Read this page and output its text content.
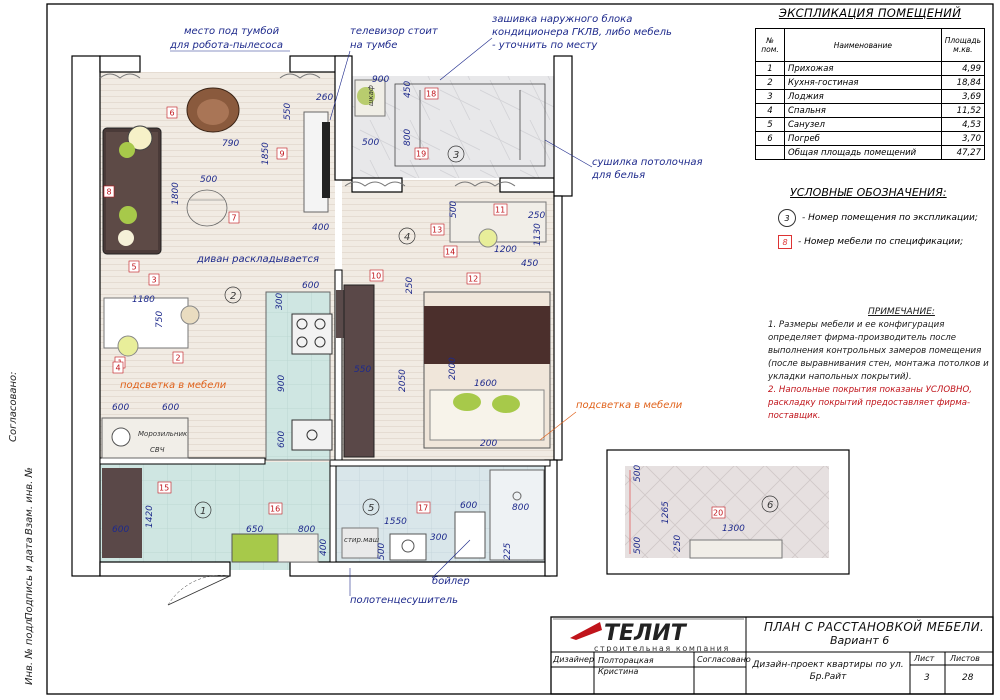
900
450
260
550
500	800
790 1850
1800
500
400
500	250
1130
1200
450
600
300
250
1180
750
550	2000
2050	1600
600	600
900
600	200
1420
600	650	800
400
1550
600	800
500
300
225
500
1265
1300
250
500
Морозильник
СВЧ
шкаф
стир.маш
1
2
3
4
5	6
2
3
4
5
6
7
8
9
10
11
12
13
14
15
16	17
18
19
20
место под тумбой
для робота-пылесоса
телевизор стоит
на тумбе
зашивка наружного блока
кондиционера ГКЛВ, либо мебель
- уточнить по месту
сушилка потолочная
для белья
диван раскладывается
бойлер
полотенцесушитель
подсветка в мебели
подсветка в мебели
ТЕЛИТ
строительная компания
Согласовано:
Инв. № подл.
Подпись и дата
Взам. инв. №
ЭКСПЛИКАЦИЯ ПОМЕЩЕНИЙ
№ пом.	Наименование	Площадь м.кв.
1	Прихожая	4,99
2	Кухня-гостиная	18,84
3	Лоджия	3,69
4	Спальня	11,52
5	Санузел	4,53
6	Погреб	3,70
	Общая площадь помещений	47,27
УСЛОВНЫЕ ОБОЗНАЧЕНИЯ:
3	- Номер помещения по экспликации;
8	- Номер мебели по спецификации;
ПРИМЕЧАНИЕ:
1. Размеры мебели и ее конфигурация определяет фирма-производитель после выполнения контрольных замеров помещения (после выравнивания стен, монтажа потолков и укладки напольных покрытий).
2. Напольные покрытия показаны УСЛОВНО, раскладку покрытий предоставляет фирма-поставщик.
ПЛАН С РАССТАНОВКОЙ МЕБЕЛИ.
Вариант 6
Дизайнер Полторацкая Кристина
Согласовано
Дизайн-проект квартиры по ул. Бр.Райт
Лист Листов
3	28
